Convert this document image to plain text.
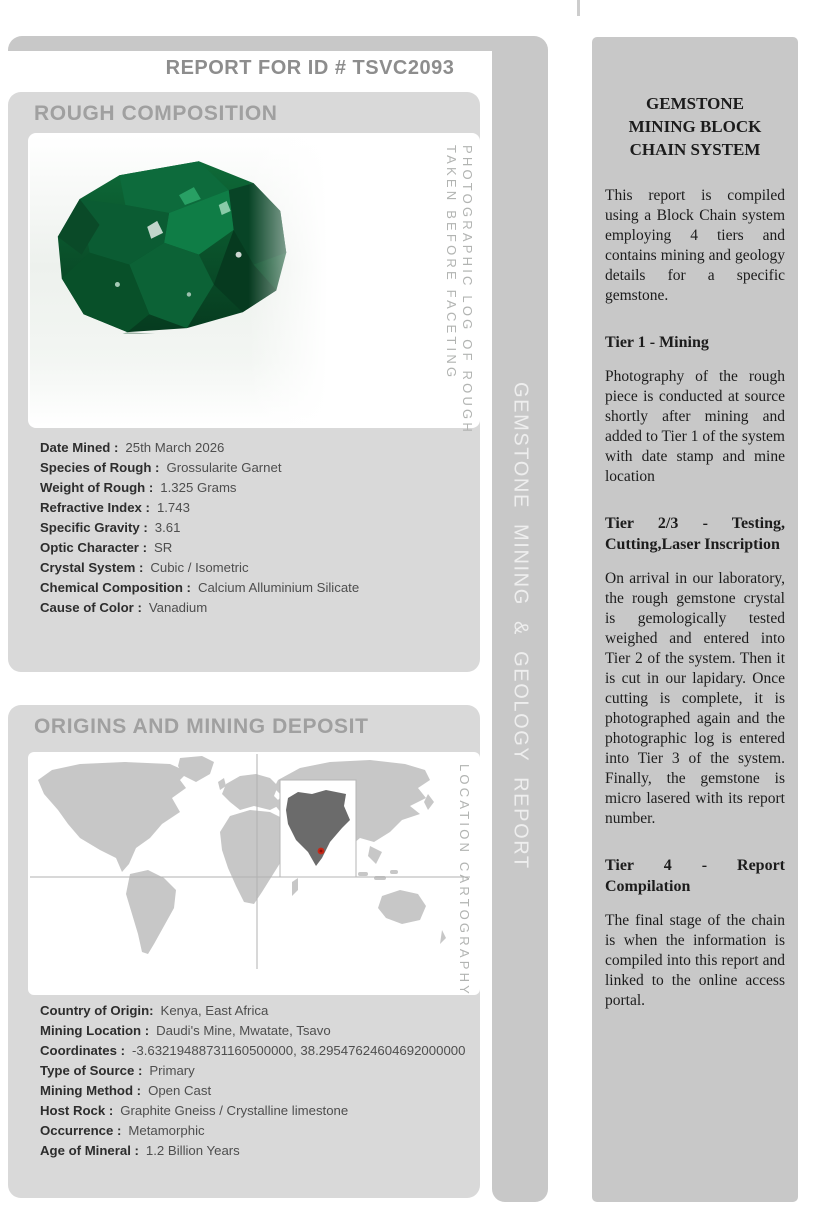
GEMSTONE MINING & GEOLOGY REPORT
REPORT FOR ID # TSVC2093
ROUGH COMPOSITION
PHOTOGRAPHIC LOG OF ROUGH
TAKEN BEFORE FACETING
Date Mined : 25th March 2026
Species of Rough : Grossularite Garnet
Weight of Rough : 1.325 Grams
Refractive Index : 1.743
Specific Gravity : 3.61
Optic Character : SR
Crystal System : Cubic / Isometric
Chemical Composition : Calcium Alluminium Silicate
Cause of Color : Vanadium
ORIGINS AND MINING DEPOSIT
LOCATION CARTOGRAPHY
Country of Origin: Kenya, East Africa
Mining Location : Daudi's Mine, Mwatate, Tsavo
Coordinates : -3.63219488731160500000, 38.29547624604692000000
Type of Source : Primary
Mining Method : Open Cast
Host Rock : Graphite Gneiss / Crystalline limestone
Occurrence : Metamorphic
Age of Mineral : 1.2 Billion Years
GEMSTONE MINING BLOCK CHAIN SYSTEM
This report is compiled using a Block Chain system employing 4 tiers and contains mining and geology details for a specific gemstone.
Tier 1 - Mining
Photography of the rough piece is conducted at source shortly after mining and added to Tier 1 of the system with date stamp and mine location
Tier 2/3 - Testing, Cutting,Laser Inscription
On arrival in our laboratory, the rough gemstone crystal is gemologically tested weighed and entered into Tier 2 of the system. Then it is cut in our lapidary. Once cutting is complete, it is photographed again and the photographic log is entered into Tier 3 of the system. Finally, the gemstone is micro lasered with its report number.
Tier 4 - Report Compilation
The final stage of the chain is when the information is compiled into this report and linked to the online access portal.
